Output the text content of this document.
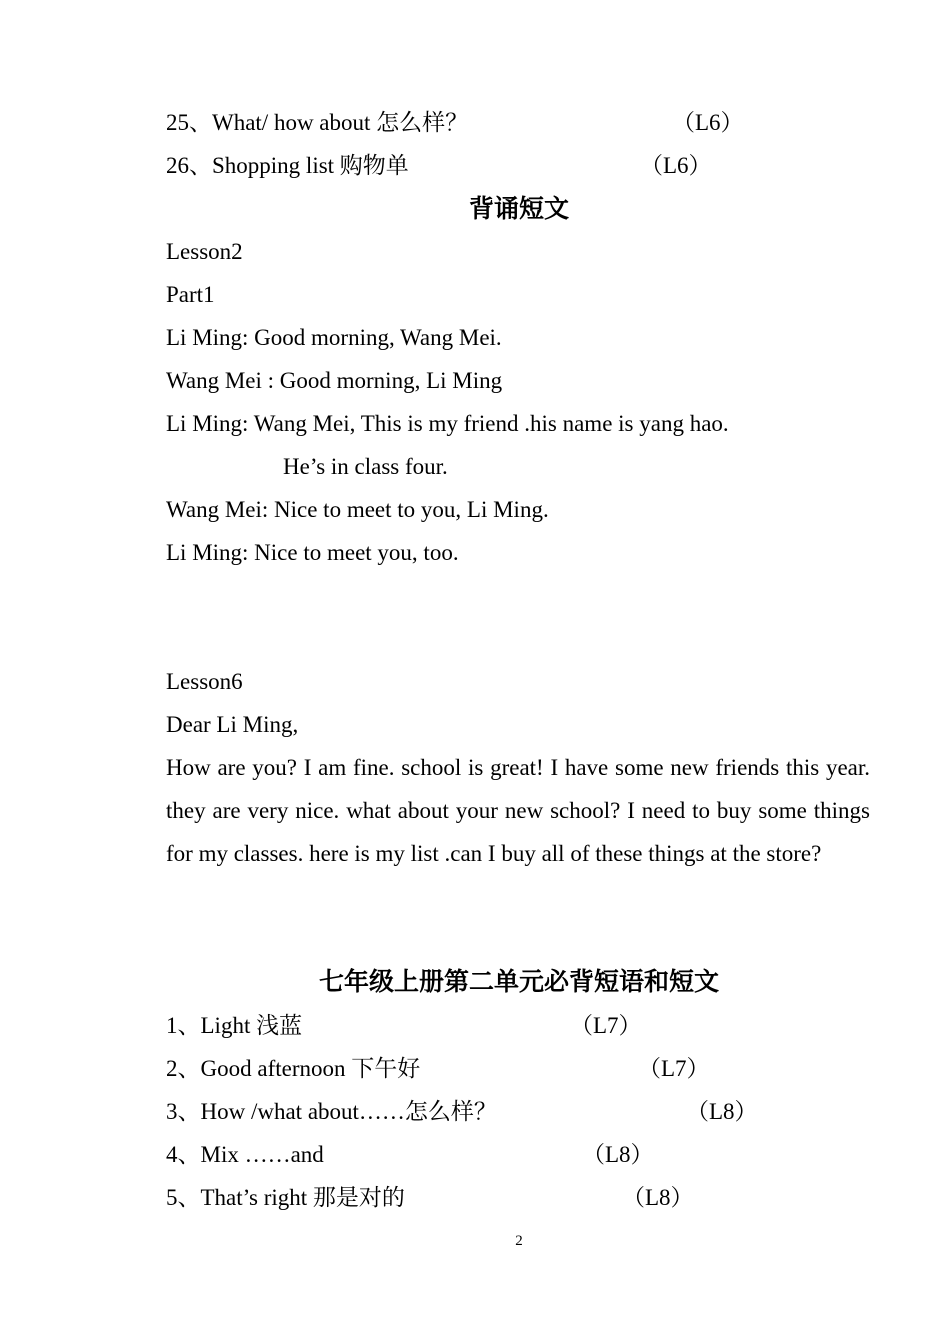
25、What/ how about 怎么样？	（L6）
26、Shopping list 购物单	（L6）
背诵短文
Lesson2
Part1
Li Ming: Good morning, Wang Mei.
Wang Mei : Good morning, Li Ming
Li Ming: Wang Mei, This is my friend .his name is yang hao.
He’s in class four.
Wang Mei: Nice to meet to you, Li Ming.
Li Ming: Nice to meet you, too.
Lesson6
Dear Li Ming,
How are you? I am fine. school is great! I have some new friends this year. they are very nice. what about your new school? I need to buy some things for my classes. here is my list .can I buy all of these things at the store?
七年级上册第二单元必背短语和短文
1、Light 浅蓝	（L7）
2、Good afternoon 下午好	（L7）
3、How /what about……怎么样？	（L8）
4、Mix ……and	（L8）
5、That’s right 那是对的	（L8）
2
